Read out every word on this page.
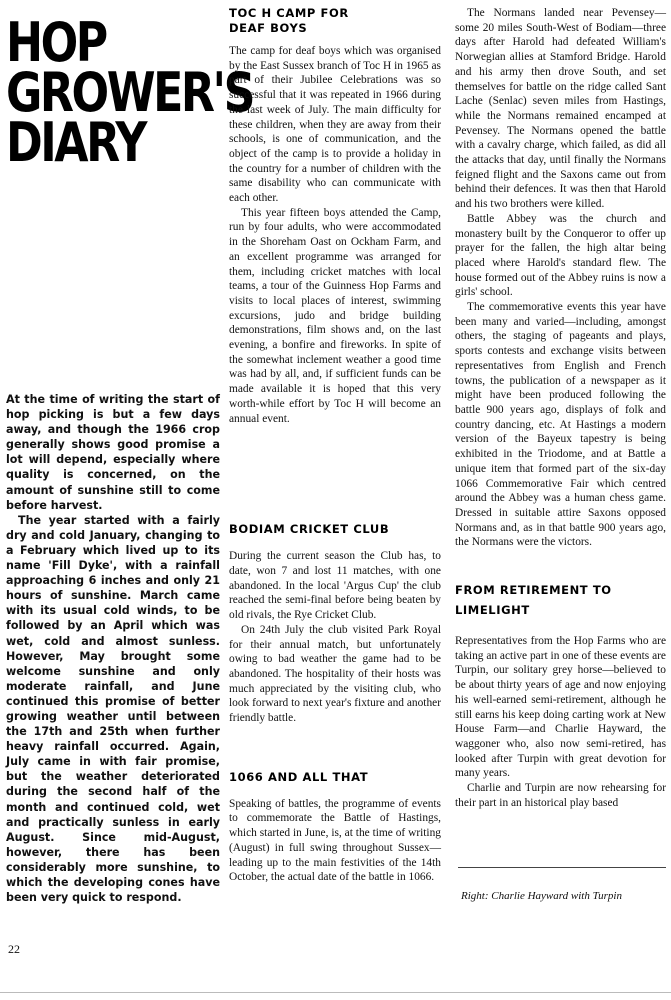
HOP
GROWER'S
DIARY

At the time of writing the start of hop picking is but a few days away, and though the 1966 crop generally shows good promise a lot will depend, especially where quality is concerned, on the amount of sunshine still to come before harvest.

The year started with a fairly dry and cold January, changing to a February which lived up to its name 'Fill Dyke', with a rainfall approaching 6 inches and only 21 hours of sunshine. March came with its usual cold winds, to be followed by an April which was wet, cold and almost sunless. However, May brought some welcome sunshine and only moderate rainfall, and June continued this promise of better growing weather until between the 17th and 25th when further heavy rainfall occurred. Again, July came in with fair promise, but the weather deteriorated during the second half of the month and continued cold, wet and practically sunless in early August. Since mid-August, however, there has been considerably more sunshine, to which the developing cones have been very quick to respond.

TOC H CAMP FOR
DEAF BOYS

The camp for deaf boys which was organised by the East Sussex branch of Toc H in 1965 as part of their Jubilee Celebrations was so successful that it was repeated in 1966 during the last week of July. The main difficulty for these children, when they are away from their schools, is one of communication, and the object of the camp is to provide a holiday in the country for a number of children with the same disability who can communicate with each other.

This year fifteen boys attended the Camp, run by four adults, who were accommodated in the Shoreham Oast on Ockham Farm, and an excellent programme was arranged for them, including cricket matches with local teams, a tour of the Guinness Hop Farms and visits to local places of interest, swimming excursions, judo and bridge building demonstrations, film shows and, on the last evening, a bonfire and fireworks. In spite of the somewhat inclement weather a good time was had by all, and, if sufficient funds can be made available it is hoped that this very worth-while effort by Toc H will become an annual event.

BODIAM CRICKET CLUB

During the current season the Club has, to date, won 7 and lost 11 matches, with one abandoned. In the local 'Argus Cup' the club reached the semi-final before being beaten by old rivals, the Rye Cricket Club.

On 24th July the club visited Park Royal for their annual match, but unfortunately owing to bad weather the game had to be abandoned. The hospitality of their hosts was much appreciated by the visiting club, who look forward to next year's fixture and another friendly battle.

1066 AND ALL THAT

Speaking of battles, the programme of events to commemorate the Battle of Hastings, which started in June, is, at the time of writing (August) in full swing throughout Sussex—leading up to the main festivities of the 14th October, the actual date of the battle in 1066.

The Normans landed near Pevensey—some 20 miles South-West of Bodiam—three days after Harold had defeated William's Norwegian allies at Stamford Bridge. Harold and his army then drove South, and set themselves for battle on the ridge called Sant Lache (Senlac) seven miles from Hastings, while the Normans remained encamped at Pevensey. The Normans opened the battle with a cavalry charge, which failed, as did all the attacks that day, until finally the Normans feigned flight and the Saxons came out from behind their defences. It was then that Harold and his two brothers were killed.

Battle Abbey was the church and monastery built by the Conqueror to offer up prayer for the fallen, the high altar being placed where Harold's standard flew. The house formed out of the Abbey ruins is now a girls' school.

The commemorative events this year have been many and varied—including, amongst others, the staging of pageants and plays, sports contests and exchange visits between representatives from English and French towns, the publication of a newspaper as it might have been produced following the battle 900 years ago, displays of folk and country dancing, etc. At Hastings a modern version of the Bayeux tapestry is being exhibited in the Triodome, and at Battle a unique item that formed part of the six-day 1066 Commemorative Fair which centred around the Abbey was a human chess game. Dressed in suitable attire Saxons opposed Normans and, as in that battle 900 years ago, the Normans were the victors.

FROM RETIREMENT TO
LIMELIGHT

Representatives from the Hop Farms who are taking an active part in one of these events are Turpin, our solitary grey horse—believed to be about thirty years of age and now enjoying his well-earned semi-retirement, although he still earns his keep doing carting work at New House Farm—and Charlie Hayward, the waggoner who, also now semi-retired, has looked after Turpin with great devotion for many years.

Charlie and Turpin are now rehearsing for their part in an historical play based

Right: Charlie Hayward with Turpin
22
